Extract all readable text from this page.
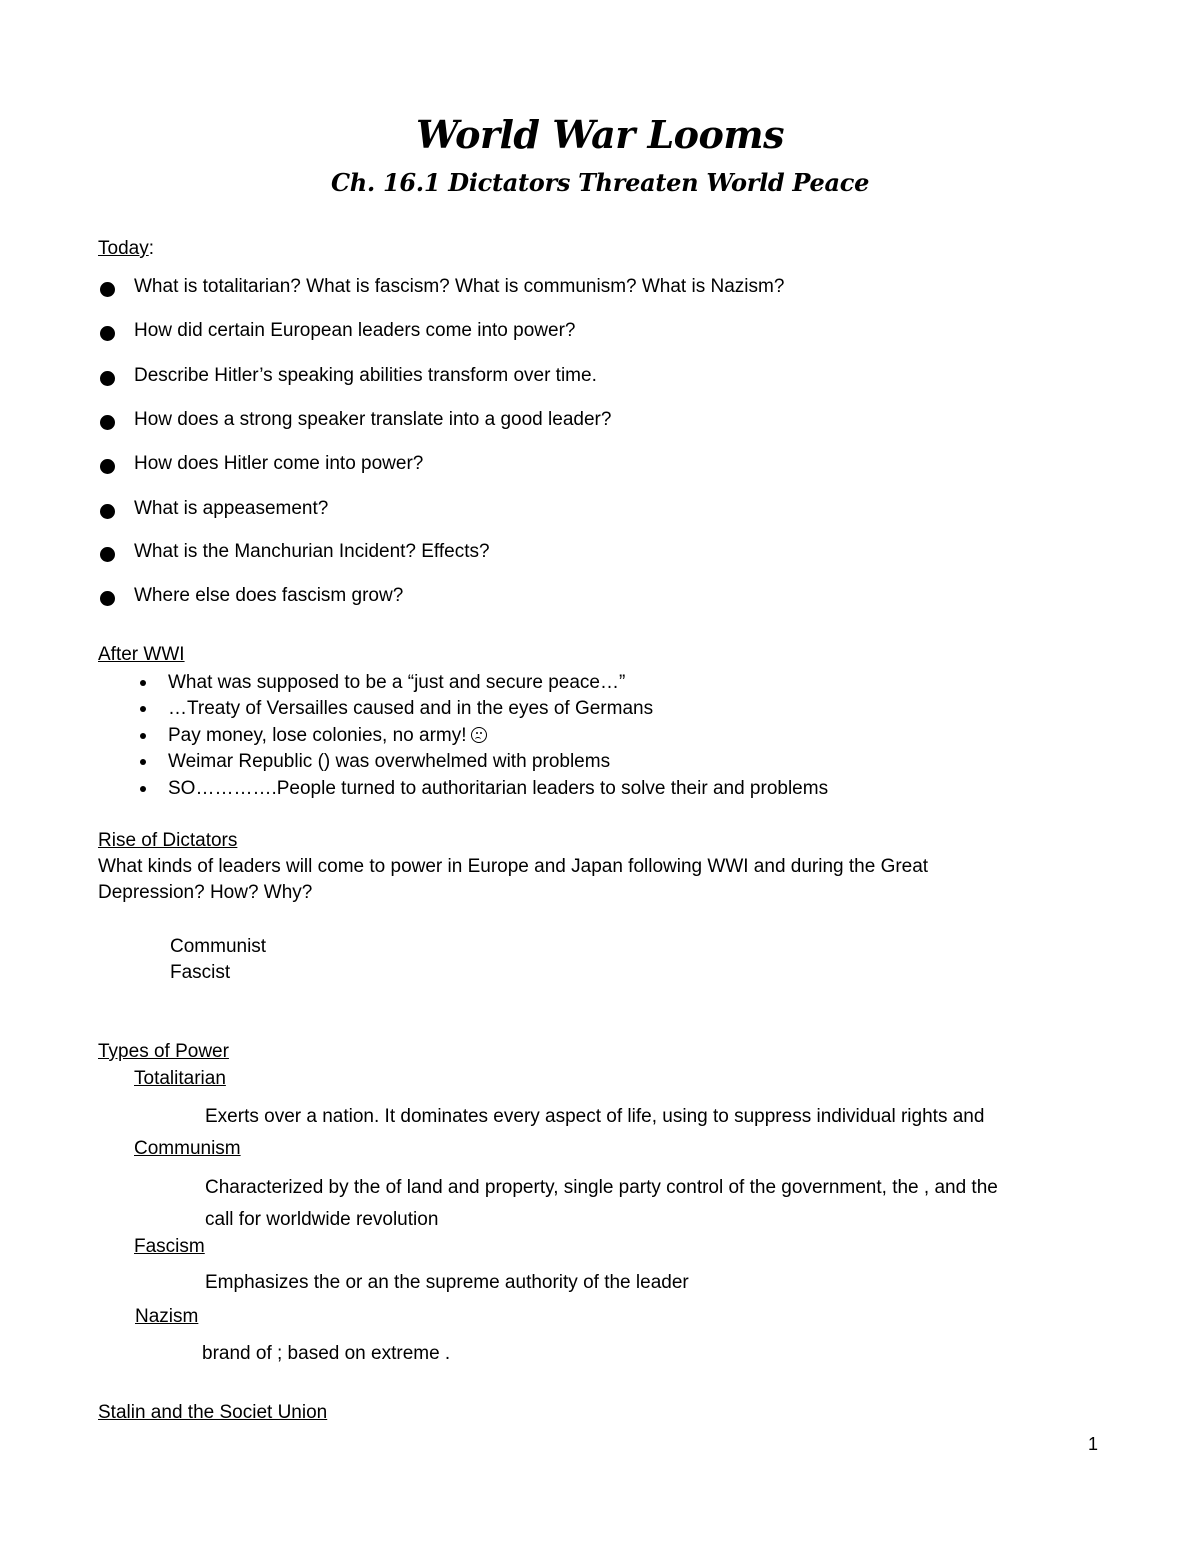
World War Looms
Ch. 16.1 Dictators Threaten World Peace
Today:
What is totalitarian? What is fascism? What is communism? What is Nazism?
How did certain European leaders come into power?
Describe Hitler’s speaking abilities transform over time.
How does a strong speaker translate into a good leader?
How does Hitler come into power?
What is appeasement?
What is the Manchurian Incident? Effects?
Where else does fascism grow?
After WWI
What was supposed to be a “just and secure peace…”
…Treaty of Versailles caused and in the eyes of Germans
Pay money, lose colonies, no army!
Weimar Republic () was overwhelmed with problems
SO………….People turned to authoritarian leaders to solve their and problems
Rise of Dictators
What kinds of leaders will come to power in Europe and Japan following WWI and during the Great
Depression? How? Why?
Communist
Fascist
Types of Power
Totalitarian
Exerts over a nation. It dominates every aspect of life, using to suppress individual rights and
Communism
Characterized by the of land and property, single party control of the government, the , and the
call for worldwide revolution
Fascism
Emphasizes the or an the supreme authority of the leader
Nazism
brand of ; based on extreme .
Stalin and the Societ Union
1
